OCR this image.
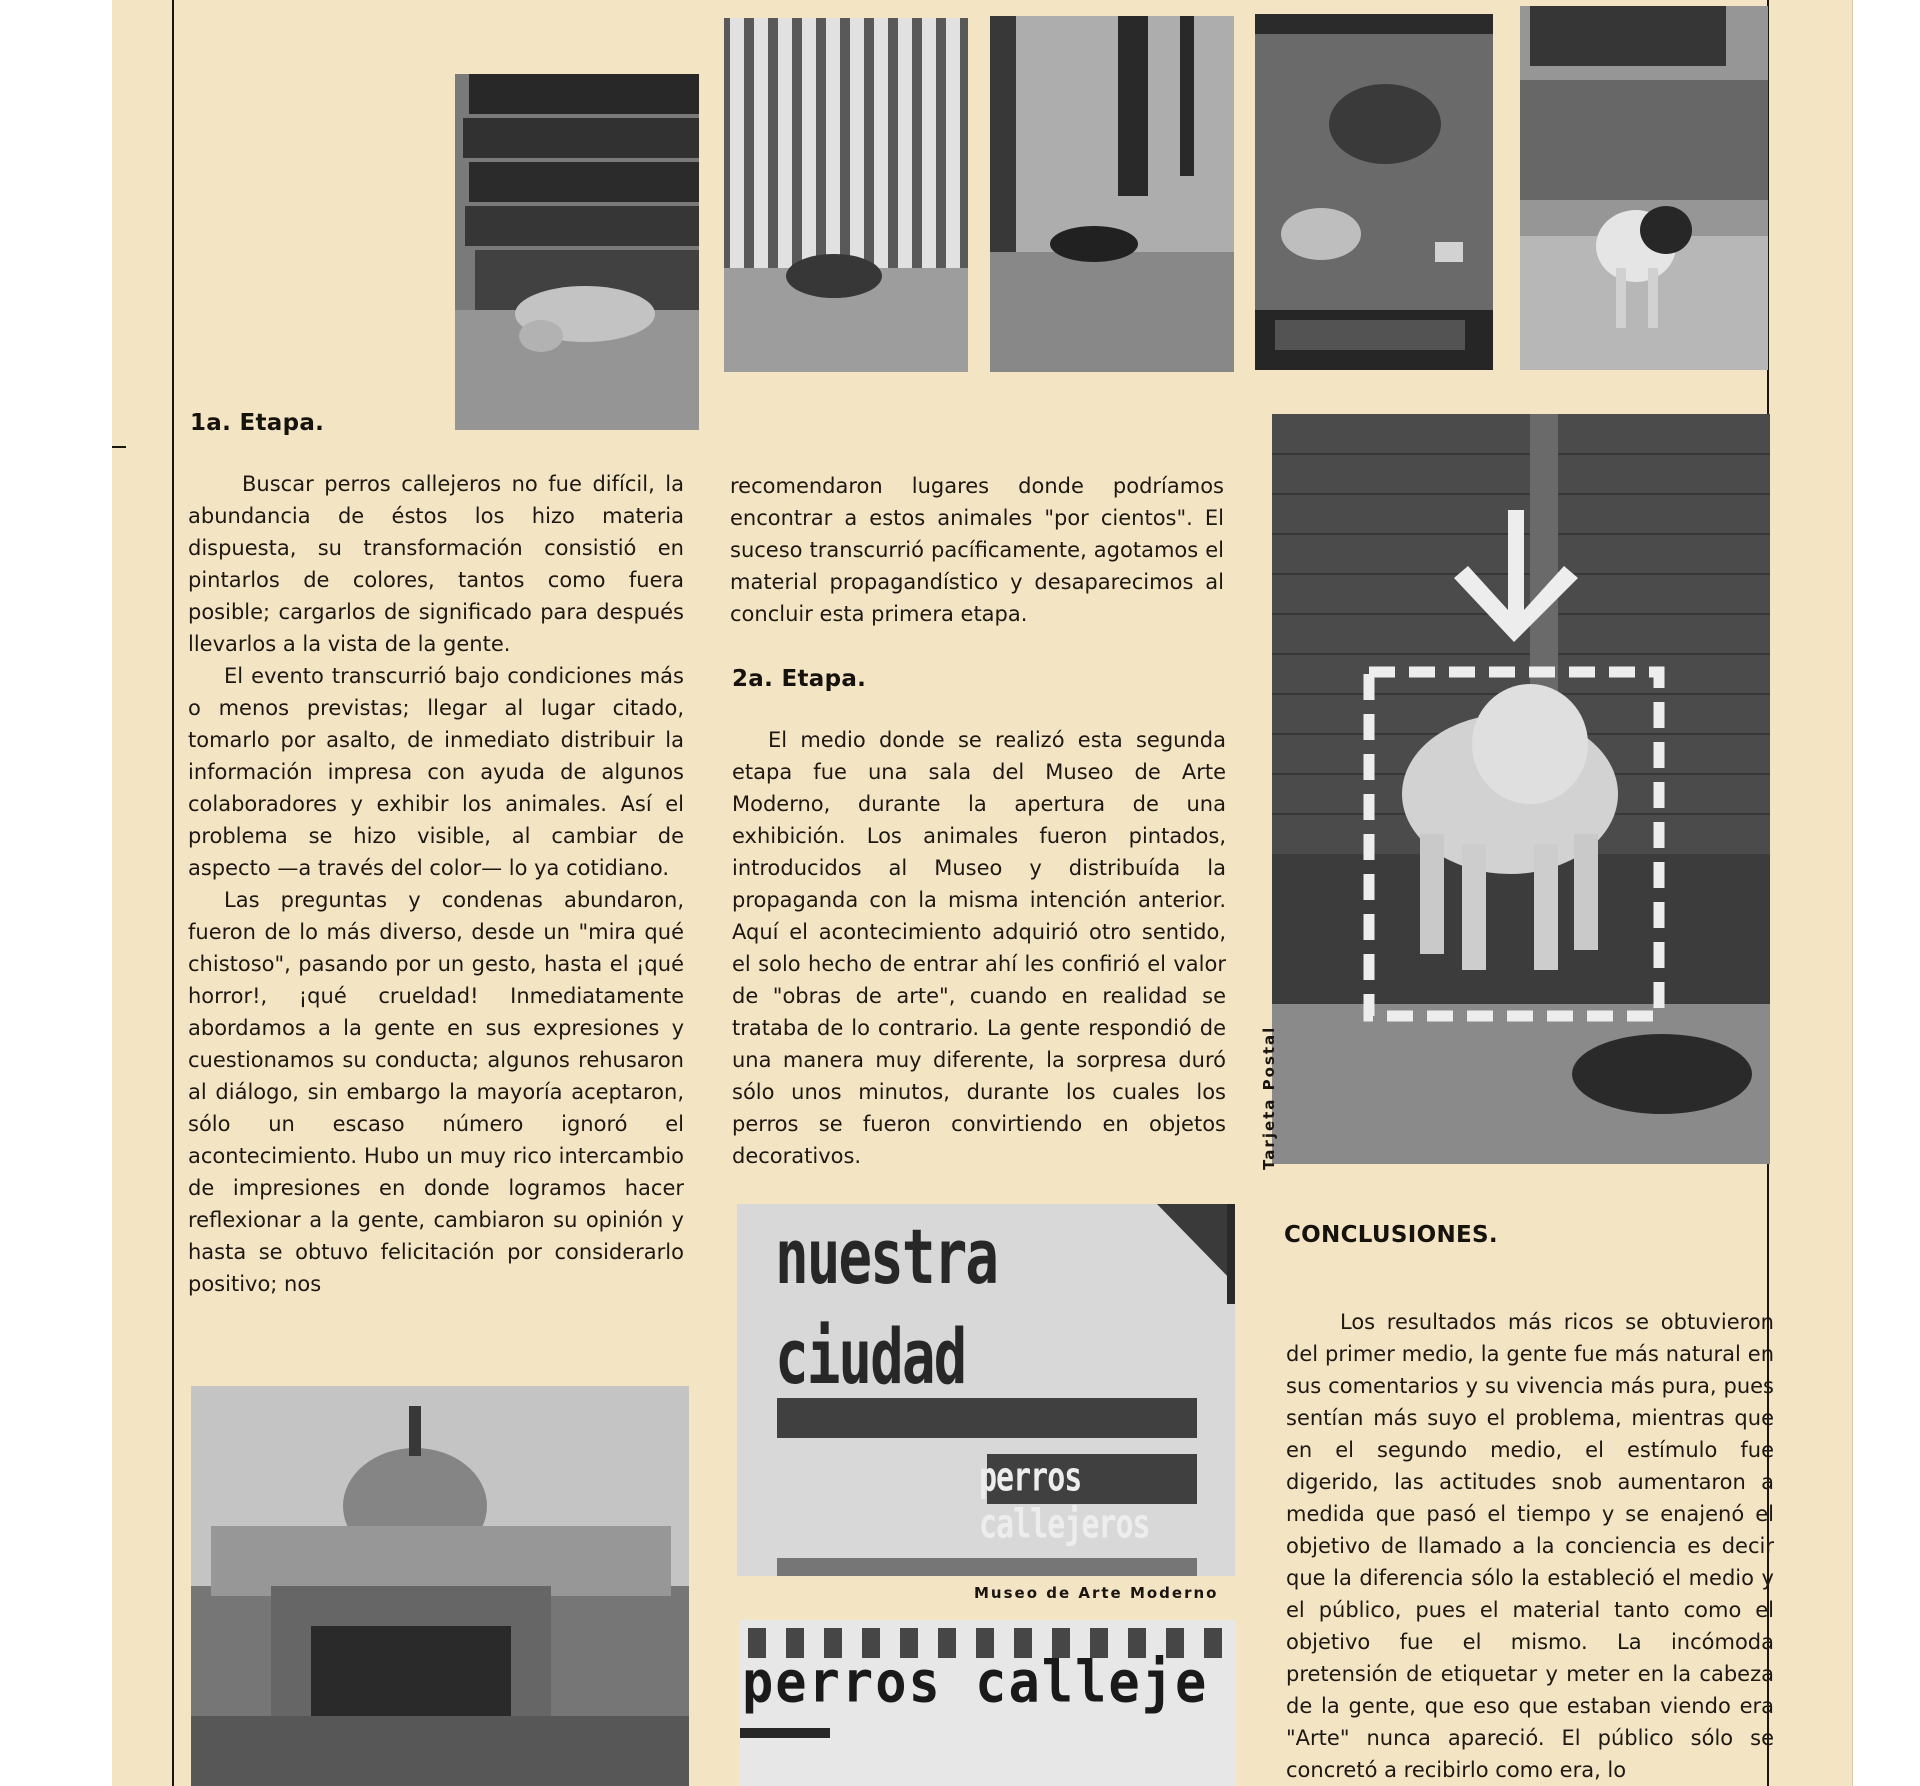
1a. Etapa.

Buscar perros callejeros no fue difícil, la abundancia de éstos los hizo materia dispuesta, su transformación consistió en pintarlos de colores, tantos como fuera posible; cargarlos de significado para después llevarlos a la vista de la gente.

El evento transcurrió bajo condiciones más o menos previstas; llegar al lugar citado, tomarlo por asalto, de inmediato distribuir la información impresa con ayuda de algunos colaboradores y exhibir los animales. Así el problema se hizo visible, al cambiar de aspecto —a través del color— lo ya cotidiano.

Las preguntas y condenas abundaron, fueron de lo más diverso, desde un "mira qué chistoso", pasando por un gesto, hasta el ¡qué horror!, ¡qué crueldad! Inmediatamente abordamos a la gente en sus expresiones y cuestionamos su conducta; algunos rehusaron al diálogo, sin embargo la mayoría aceptaron, sólo un escaso número ignoró el acontecimiento. Hubo un muy rico intercambio de impresiones en donde logramos hacer reflexionar a la gente, cambiaron su opinión y hasta se obtuvo felicitación por considerarlo positivo; nos

recomendaron lugares donde podríamos encontrar a estos animales "por cientos". El suceso transcurrió pacíficamente, agotamos el material propagandístico y desaparecimos al concluir esta primera etapa.

2a. Etapa.

El medio donde se realizó esta segunda etapa fue una sala del Museo de Arte Moderno, durante la apertura de una exhibición. Los animales fueron pintados, introducidos al Museo y distribuída la propaganda con la misma intención anterior. Aquí el acontecimiento adquirió otro sentido, el solo hecho de entrar ahí les confirió el valor de "obras de arte", cuando en realidad se trataba de lo contrario. La gente respondió de una manera muy diferente, la sorpresa duró sólo unos minutos, durante los cuales los perros se fueron convirtiendo en objetos decorativos.	Tarjeta Postal
CONCLUSIONES.

Los resultados más ricos se obtuvieron del primer medio, la gente fue más natural en sus comentarios y su vivencia más pura, pues sentían más suyo el problema, mientras que en el segundo medio, el estímulo fue digerido, las actitudes snob aumentaron a medida que pasó el tiempo y se enajenó el objetivo de llamado a la conciencia es decir que la diferencia sólo la estableció el medio y el público, pues el material tanto como el objetivo fue el mismo. La incómoda pretensión de etiquetar y meter en la cabeza de la gente, que eso que estaban viendo era "Arte" nunca apareció. El público sólo se concretó a recibirlo como era, lo

nuestra
ciudad
perros callejeros
Museo de Arte Moderno
perros calleje
